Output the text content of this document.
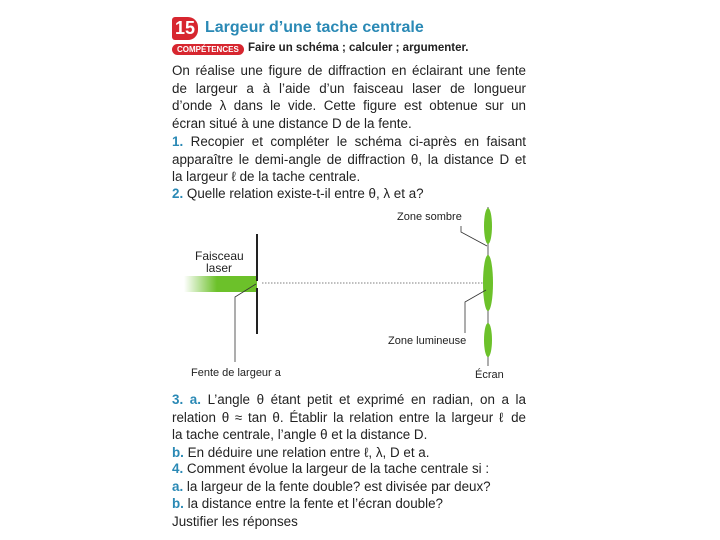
15 Largeur d’une tache centrale
COMPÉTENCES Faire un schéma ; calculer ; argumenter.
On réalise une figure de diffraction en éclairant une fente
de largeur a à l’aide d’un faisceau laser de longueur
d’onde λ dans le vide. Cette figure est obtenue sur un
écran situé à une distance D de la fente.
1. Recopier et compléter le schéma ci-après en faisant
apparaître le demi-angle de diffraction θ, la distance D et
la largeur ℓ de la tache centrale.
2. Quelle relation existe-t-il entre θ, λ et a?
Faisceau
laser
Zone sombre
Zone lumineuse
Fente de largeur a	Écran
3. a. L’angle θ étant petit et exprimé en radian, on a la
relation θ ≈ tan θ. Établir la relation entre la largeur ℓ de
la tache centrale, l’angle θ et la distance D.
b. En déduire une relation entre ℓ, λ, D et a.
4. Comment évolue la largeur de la tache centrale si :
a. la largeur de la fente double? est divisée par deux?
b. la distance entre la fente et l’écran double?
Justifier les réponses
